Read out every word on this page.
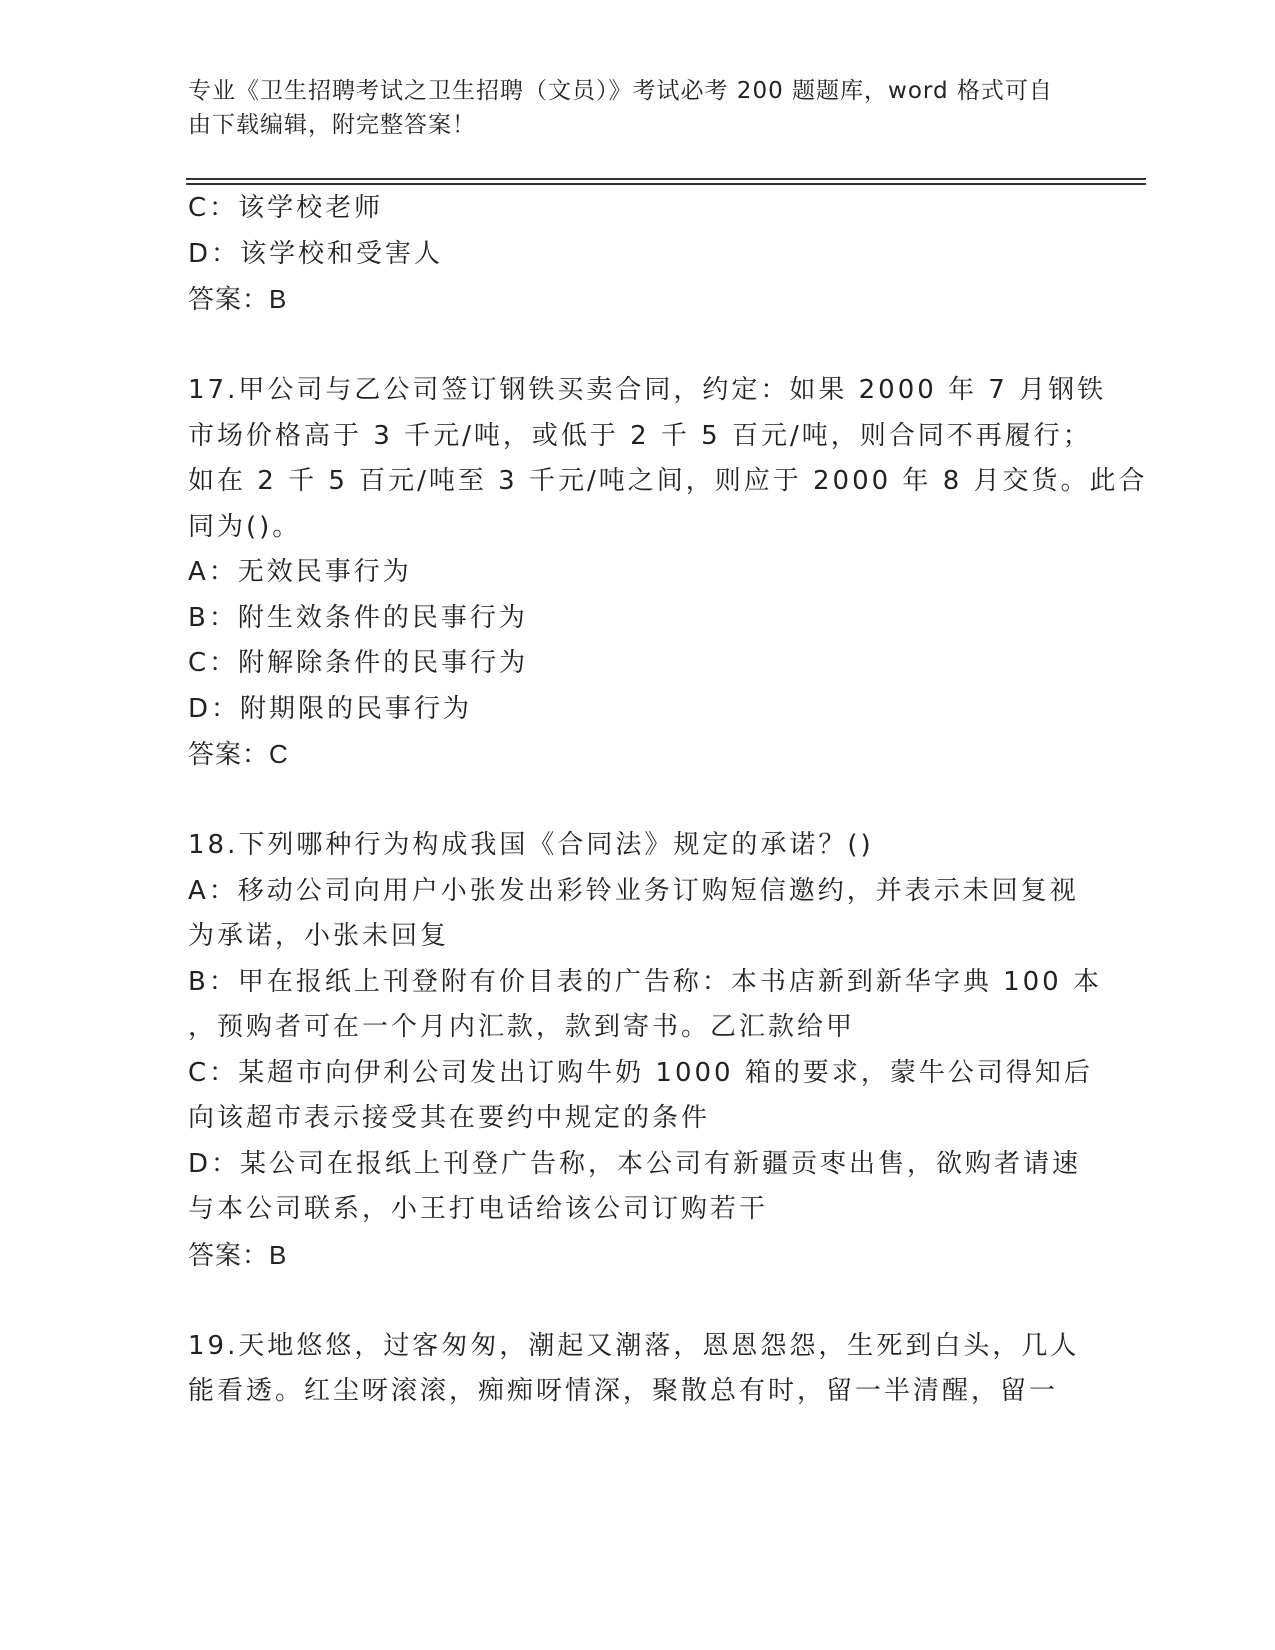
专业《卫生招聘考试之卫生招聘（文员）》考试必考 200 题题库，word 格式可自
由下载编辑，附完整答案！
C：该学校老师
D：该学校和受害人
答案：B
17.甲公司与乙公司签订钢铁买卖合同，约定：如果 2000 年 7 月钢铁
市场价格高于 3 千元/吨，或低于 2 千 5 百元/吨，则合同不再履行；
如在 2 千 5 百元/吨至 3 千元/吨之间，则应于 2000 年 8 月交货。此合
同为()。
A：无效民事行为
B：附生效条件的民事行为
C：附解除条件的民事行为
D：附期限的民事行为
答案：C
18.下列哪种行为构成我国《合同法》规定的承诺？()
A：移动公司向用户小张发出彩铃业务订购短信邀约，并表示未回复视
为承诺，小张未回复
B：甲在报纸上刊登附有价目表的广告称：本书店新到新华字典 100 本
，预购者可在一个月内汇款，款到寄书。乙汇款给甲
C：某超市向伊利公司发出订购牛奶 1000 箱的要求，蒙牛公司得知后
向该超市表示接受其在要约中规定的条件
D：某公司在报纸上刊登广告称，本公司有新疆贡枣出售，欲购者请速
与本公司联系，小王打电话给该公司订购若干
答案：B
19.天地悠悠，过客匆匆，潮起又潮落，恩恩怨怨，生死到白头，几人
能看透。红尘呀滚滚，痴痴呀情深，聚散总有时，留一半清醒，留一
